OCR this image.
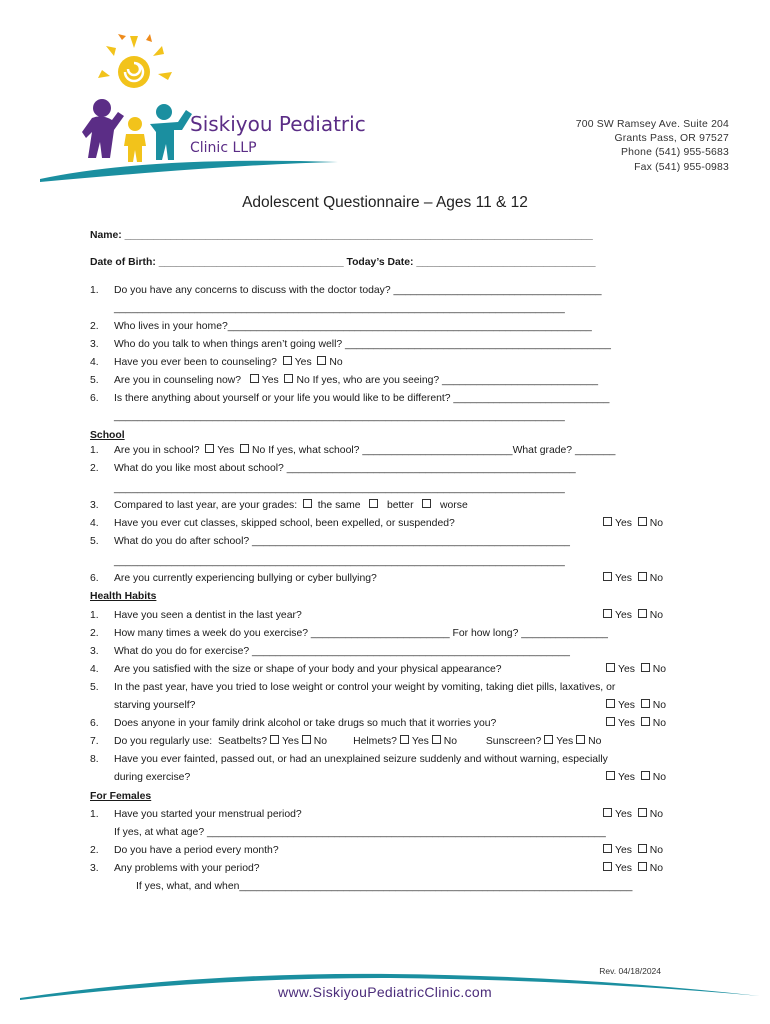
Siskiyou Pediatric
Clinic LLP
700 SW Ramsey Ave. Suite 204
Grants Pass, OR 97527
Phone (541) 955-5683
Fax (541) 955-0983
Adolescent Questionnaire – Ages 11 & 12
Name: _________________________________________________________________________________
Date of Birth: ________________________________ Today’s Date: _______________________________
1.	Do you have any concerns to discuss with the doctor today? ____________________________________
______________________________________________________________________________
2.	Who lives in your home?_______________________________________________________________
3.	Who do you talk to when things aren’t going well? ______________________________________________
4.	Have you ever been to counseling? Yes No
5.	Are you in counseling now? Yes No If yes, who are you seeing? ___________________________
6.	Is there anything about yourself or your life you would like to be different? ___________________________
______________________________________________________________________________
School
1.	Are you in school? Yes No If yes, what school? __________________________What grade? _______
2.	What do you like most about school? __________________________________________________
______________________________________________________________________________
3.	Compared to last year, are your grades: the same	better	worse
4.	Have you ever cut classes, skipped school, been expelled, or suspended?	Yes No
5.	What do you do after school? _______________________________________________________
______________________________________________________________________________
6.	Are you currently experiencing bullying or cyber bullying?	Yes No
Health Habits
1.	Have you seen a dentist in the last year?	Yes No
2.	How many times a week do you exercise? ________________________ For how long? _______________
3.	What do you do for exercise? _______________________________________________________
4.	Are you satisfied with the size or shape of your body and your physical appearance?	Yes No
5.	In the past year, have you tried to lose weight or control your weight by vomiting, taking diet pills, laxatives, or
starving yourself?	Yes No
6.	Does anyone in your family drink alcohol or take drugs so much that it worries you?	Yes No
7.	Do you regularly use:  Seatbelts? Yes No Helmets? Yes No	Sunscreen? Yes No
8.	Have you ever fainted, passed out, or had an unexplained seizure suddenly and without warning, especially
during exercise?	Yes No
For Females
1.	Have you started your menstrual period?	Yes No
If yes, at what age? _____________________________________________________________________
2.	Do you have a period every month?	Yes No
3.	Any problems with your period?	Yes No
If yes, what, and when____________________________________________________________________
Rev. 04/18/2024
www.SiskiyouPediatricClinic.com
